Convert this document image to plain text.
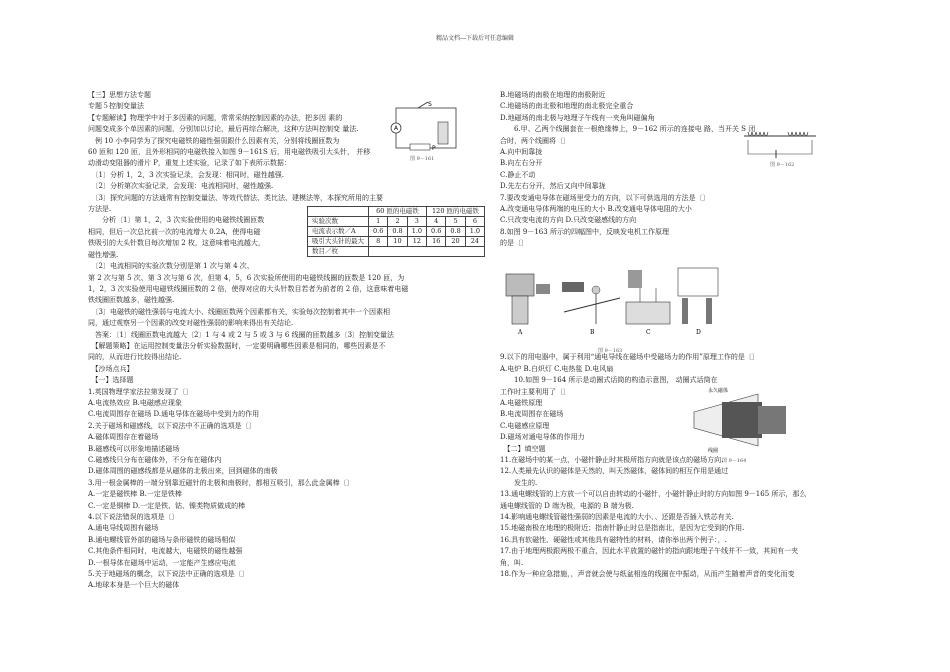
精品文档---下载后可任意编辑

【三】思想方法专题

专题５控制变量法

【专题解读】物理学中对于多因素的问题，常常采纳控制因素的办法，把多因 素的

问题变成多个单因素的问题，分别加以讨论，最后再综合解决，这种方法叫控制变 量法.

　例 10 小李同学为了探究电磁铁的磁性强弱跟什么因素有关，分别将线圈匝数为

60 匝和 120 匝，且外形相同的电磁铁接入如图 9－161S 后，用电磁铁吸引大头针， 并移

动滑动变阻器的滑片 P，重复上述实验，记录了如下表所示数据：

　〔1〕分析 1，2，3 次实验记录，会发现：相同时，磁性越强.

　〔2〕分析第次实验记录，会发现：电流相同时，磁性越强.

　〔3〕探究问题的方法通常有控制变量法、等效代替法、类比法、建模法等，本探究所用的主要

方法是.

　　分析〔1〕第 1，2，3 次实验使用的电磁铁线圈匝数

相同，但后一次总比前一次的电流增大 0.2A，使得电磁

铁吸引的大头针数目每次增加 2 枚，这意味着电流越大，

磁性增强.

　〔2〕电流相同的实验次数分别是第 1 次与第 4 次、

第 2 次与第 5 次、第 3 次与第 6 次，但第 4，5，6 次实验所使用的电磁铁线圈的匝数是 120 匝，为

1，2，3 次实验使用电磁铁线圈匝数的 2 倍，使得对应的大头针数目若者为前者的 2 倍，这意味着电磁

铁线圈匝数越多，磁性越强.

　〔3〕电磁铁的磁性强弱与电流大小、线圈匝数两个因素都有关，实验每次控制着其中一个因素相

同，通过观察另一个因素的改变对磁性强弱的影响来得出有关结论.

　答案：〔1〕线圈匝数电流越大〔2〕1 与 4 或 2 与 5 或 3 与 6 线圈的匝数越多〔3〕控制变量法

　【解题策略】在运用控制变量法分析实验数据时，一定要明确哪些因素是相同的，哪些因素是不

同的，从而进行比较得出结论.

　【沙场点兵】

　【一】选择题

1.英国物理学家法拉第发现了〔〕

A.电流热效应 B.电磁感应现象

C.电流周围存在磁场 D.通电导体在磁场中受到力的作用

2.关于磁场和磁感线，以下说法中不正确的选项是〔〕

A.磁体周围存在着磁场

B.磁感线可以形象地描述磁场

C.磁感线只分布在磁体外，不分布在磁体内

D.磁体周围的磁感线都是从磁体的北极出来，回到磁体的南极

3.用一根金属棒的一端分别靠近磁针的北极和南极时，都相互吸引，那么此金属棒〔〕

A.一定是磁铁棒 B.一定是铁棒

C.一定是铜棒 D.一定是铁、钴、镍类物质做成的棒

4.以下说法错误的选项是〔〕

A.通电导线周围有磁场

B.通电螺线管外部的磁场与条形磁铁的磁场相似

C.其他条件相同时，电流越大，电磁铁的磁性越强

D.一根导体在磁场中运动，一定能产生感应电流

5.关于地磁场的概念，以下说法中正确的选项是〔〕

A.地球本身是一个巨大的磁体

	60 匝的电磁铁			120 匝的电磁铁		
实验次数	1	2	3	4	5	6
电流表示数／A	0.6	0.8	1.0	0.6	0.8	1.0
吸引大头针的最大	8	10	12	16	20	24
数目／枚						
A
S
P
图 9－161
图 9－162
A	B	C	D
图 9－163
永久磁体
线圈
图 9－164

B.地磁场的南极在地理的南极附近

C.地磁场的南北极和地理的南北极完全重合

D.地磁场的南北极与地理子午线有一夹角叫磁偏角

　　6.甲、乙两个线圈套在一根绝缘棒上，9－162 所示的连接电 路，当开关 S 闭

合时，两个线圈将〔〕

A.向中间靠拢

B.向左右分开

C.静止不动

D.先左右分开，然后又向中间靠拢

7.要改变通电导体在磁场里受力的方向，以下可供选用的方法是〔〕

A.改变通电导体两端的电压的大小 B.改变通电导体电阻的大小

C.只改变电流的方向 D.只改变磁感线的方向

8.如图 9－163 所示的四幅图中，反映发电机工作原理

的是〔〕

9.以下的用电器中，属于利用“通电导线在磁场中受磁场力的作用”原理工作的是〔〕

A.电炉 B.白炽灯 C.电热毯 D.电风扇

　　10.如图 9－164 所示是动圈式话筒的构造示意图， 动圈式话筒在

工作时主要利用了〔〕

A.电磁铁原理

B.电流周围存在磁场

C.电磁感应原理

D.磁场对通电导体的作用力

　【二】填空题

11.在磁场中的某一点，小磁针静止时其极所指方向就是该点的磁场方向.

12.人类最先认识的磁体是天然的，叫天然磁体，磁体间的相互作用是通过

　　发生的.

13.通电螺线管的上方放一个可以自由转动的小磁针，小磁针静止时的方向如图 9－165 所示，那么

通电螺线管的 D 端为极，电源的 B 端为极.

14.影响通电螺线管磁性强弱的因素是电流的大小、、还跟是否插入铁芯有关.

15.地磁南极在地理的极附近；指南针静止时总是指南北，是因为它受到的作用.

16.具有软磁性、硬磁性或其他具有磁特性的材料，请你举出两个例子：，.

17.由于地理两极跟两极不重合，因此水平放置的磁针的指向跟地理子午线并不一致，其间有一夹

角，叫.

18.作为一种应急措施，，声音就会使与纸盆相连的线圈在中振动，从而产生随着声音的变化而变
